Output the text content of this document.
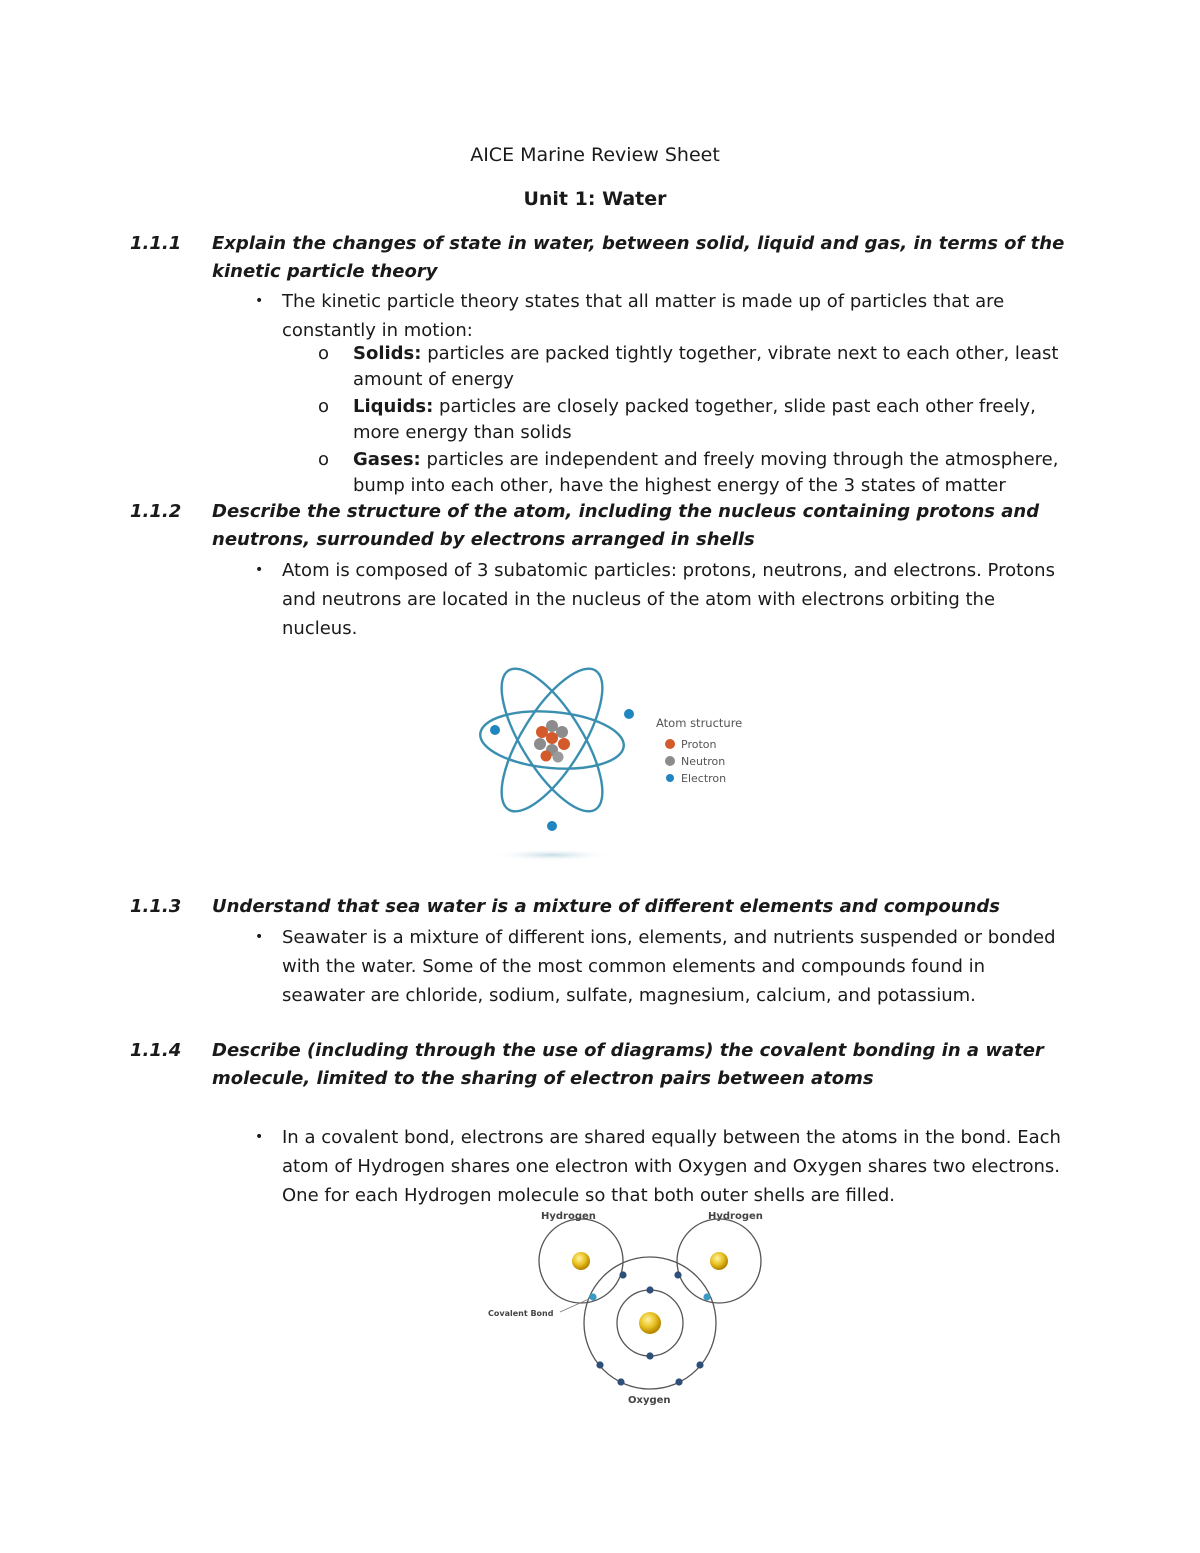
AICE Marine Review Sheet
Unit 1: Water
1.1.1 Explain the changes of state in water, between solid, liquid and gas, in terms of the kinetic particle theory
• The kinetic particle theory states that all matter is made up of particles that are constantly in motion:
o Solids: particles are packed tightly together, vibrate next to each other, least amount of energy
o Liquids: particles are closely packed together, slide past each other freely, more energy than solids
o Gases: particles are independent and freely moving through the atmosphere, bump into each other, have the highest energy of the 3 states of matter
1.1.2 Describe the structure of the atom, including the nucleus containing protons and neutrons, surrounded by electrons arranged in shells
• Atom is composed of 3 subatomic particles: protons, neutrons, and electrons. Protons and neutrons are located in the nucleus of the atom with electrons orbiting the nucleus.
Atom structure
Proton
Neutron
Electron
1.1.3 Understand that sea water is a mixture of different elements and compounds
• Seawater is a mixture of different ions, elements, and nutrients suspended or bonded with the water. Some of the most common elements and compounds found in seawater are chloride, sodium, sulfate, magnesium, calcium, and potassium.
1.1.4 Describe (including through the use of diagrams) the covalent bonding in a water molecule, limited to the sharing of electron pairs between atoms
• In a covalent bond, electrons are shared equally between the atoms in the bond. Each atom of Hydrogen shares one electron with Oxygen and Oxygen shares two electrons. One for each Hydrogen molecule so that both outer shells are filled.
Hydrogen	Hydrogen
Covalent Bond
Oxygen
